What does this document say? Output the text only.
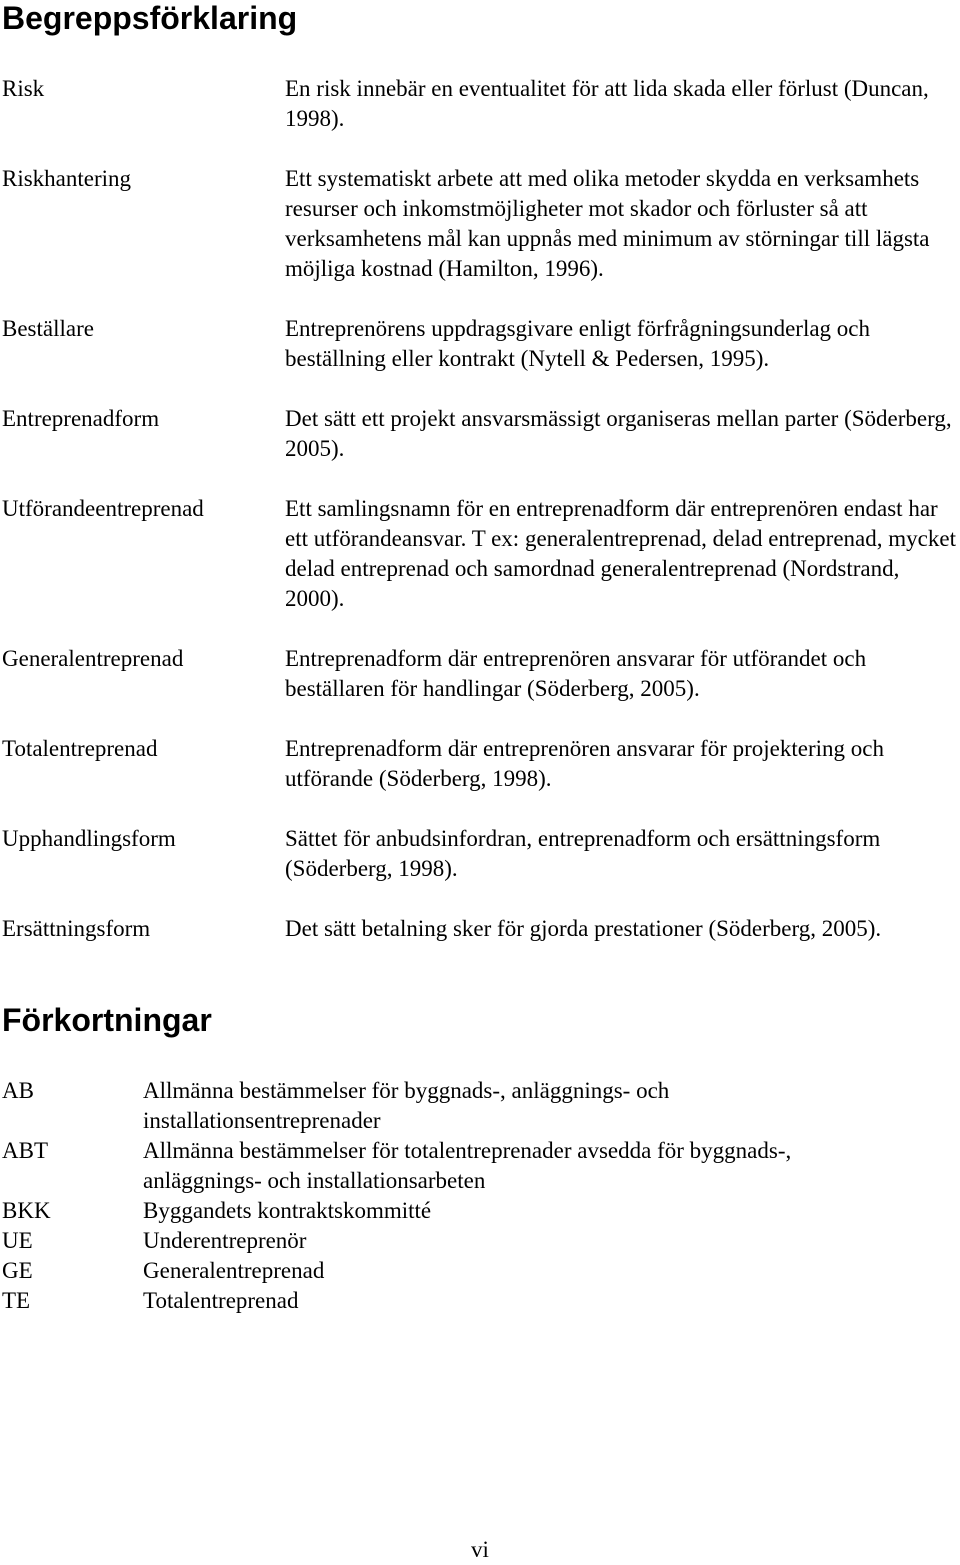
Begreppsförklaring
Risk	En risk innebär en eventualitet för att lida skada eller förlust (Duncan, 1998).
Riskhantering	Ett systematiskt arbete att med olika metoder skydda en verksamhets resurser och inkomstmöjligheter mot skador och förluster så att verksamhetens mål kan uppnås med minimum av störningar till lägsta möjliga kostnad (Hamilton, 1996).
Beställare	Entreprenörens uppdragsgivare enligt förfrågningsunderlag och beställning eller kontrakt (Nytell & Pedersen, 1995).
Entreprenadform	Det sätt ett projekt ansvarsmässigt organiseras mellan parter (Söderberg, 2005).
Utförandeentreprenad	Ett samlingsnamn för en entreprenadform där entreprenören endast har ett utförandeansvar. T ex: generalentreprenad, delad entreprenad, mycket delad entreprenad och samordnad generalentreprenad (Nordstrand, 2000).
Generalentreprenad	Entreprenadform där entreprenören ansvarar för utförandet och beställaren för handlingar (Söderberg, 2005).
Totalentreprenad	Entreprenadform där entreprenören ansvarar för projektering och utförande (Söderberg, 1998).
Upphandlingsform	Sättet för anbudsinfordran, entreprenadform och ersättningsform (Söderberg, 1998).
Ersättningsform	Det sätt betalning sker för gjorda prestationer (Söderberg, 2005).
Förkortningar
AB	Allmänna bestämmelser för byggnads-, anläggnings- och installationsentreprenader
ABT	Allmänna bestämmelser för totalentreprenader avsedda för byggnads-, anläggnings- och installationsarbeten
BKK	Byggandets kontraktskommitté
UE	Underentreprenör
GE	Generalentreprenad
TE	Totalentreprenad
vi
